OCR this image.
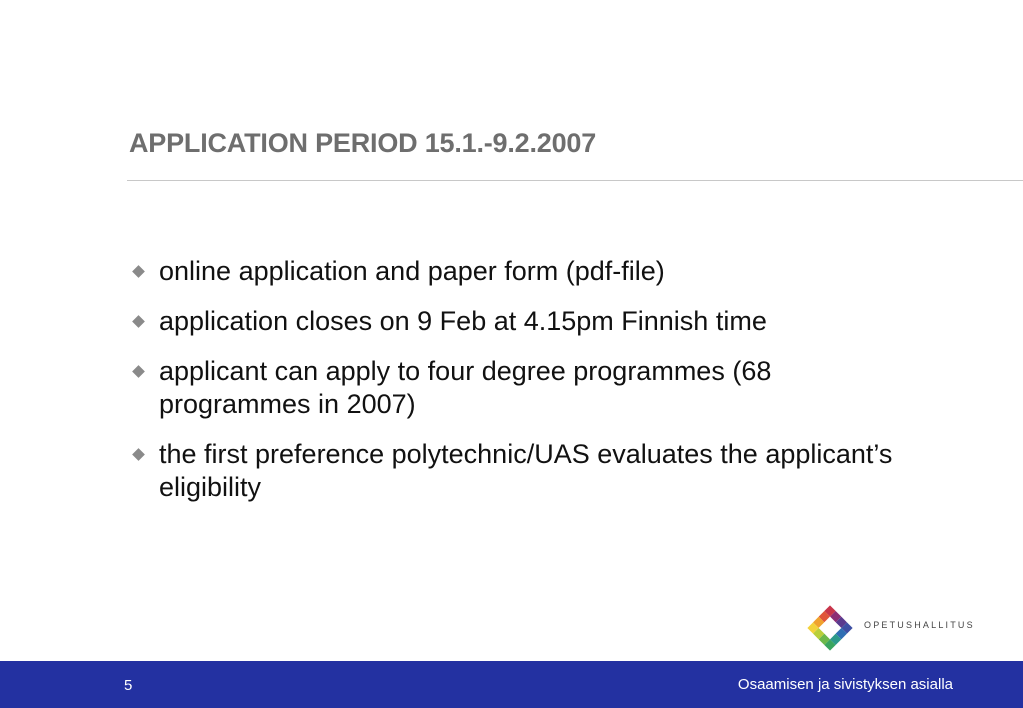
APPLICATION PERIOD 15.1.-9.2.2007
online application and paper form (pdf-file)
application closes on 9 Feb at 4.15pm Finnish time
applicant can apply to four degree programmes (68 programmes in 2007)
the first preference polytechnic/UAS evaluates the applicant’s eligibility
OPETUSHALLITUS
5	Osaamisen ja sivistyksen asialla
